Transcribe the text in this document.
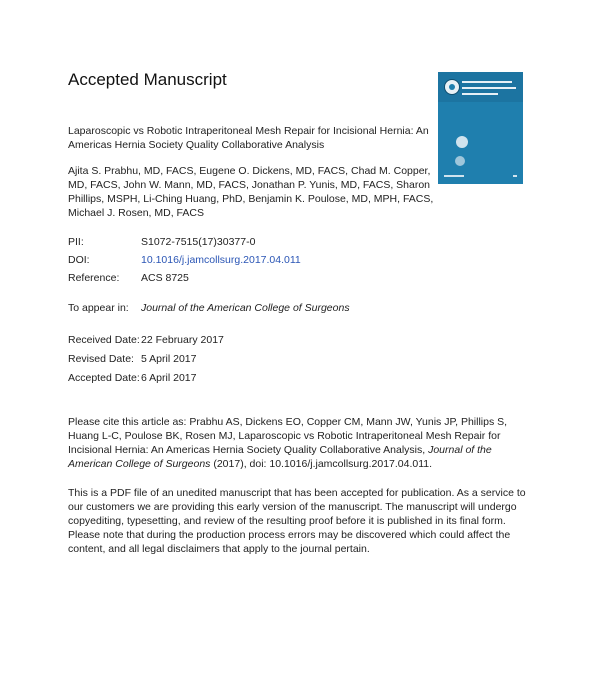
Accepted Manuscript
Laparoscopic vs Robotic Intraperitoneal Mesh Repair for Incisional Hernia: An Americas Hernia Society Quality Collaborative Analysis
Ajita S. Prabhu, MD, FACS, Eugene O. Dickens, MD, FACS, Chad M. Copper, MD, FACS, John W. Mann, MD, FACS, Jonathan P. Yunis, MD, FACS, Sharon Phillips, MSPH, Li-Ching Huang, PhD, Benjamin K. Poulose, MD, MPH, FACS, Michael J. Rosen, MD, FACS
PII:	S1072-7515(17)30377-0
DOI:	10.1016/j.jamcollsurg.2017.04.011
Reference: ACS 8725
To appear in: Journal of the American College of Surgeons
Received Date: 22 February 2017
Revised Date: 5 April 2017
Accepted Date: 6 April 2017
Please cite this article as: Prabhu AS, Dickens EO, Copper CM, Mann JW, Yunis JP, Phillips S, Huang L-C, Poulose BK, Rosen MJ, Laparoscopic vs Robotic Intraperitoneal Mesh Repair for Incisional Hernia: An Americas Hernia Society Quality Collaborative Analysis, Journal of the American College of Surgeons (2017), doi: 10.1016/j.jamcollsurg.2017.04.011.
This is a PDF file of an unedited manuscript that has been accepted for publication. As a service to our customers we are providing this early version of the manuscript. The manuscript will undergo copyediting, typesetting, and review of the resulting proof before it is published in its final form. Please note that during the production process errors may be discovered which could affect the content, and all legal disclaimers that apply to the journal pertain.
